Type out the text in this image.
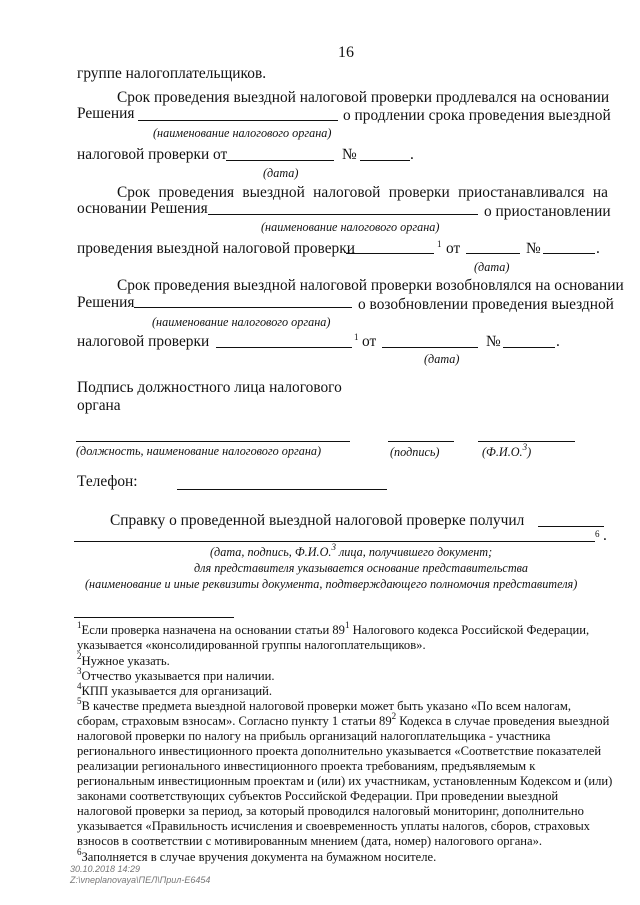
16
группе налогоплательщиков.
Срок проведения выездной налоговой проверки продлевался на основании
Решения	о продлении срока проведения выездной
(наименование налогового органа)
налоговой проверки от	№	.
(дата)
Срок проведения выездной налоговой проверки приостанавливался на
основании Решения	о приостановлении
(наименование налогового органа)
проведения выездной налоговой проверки	$^1$ от	№	.
(дата)
Срок проведения выездной налоговой проверки возобновлялся на основании
Решения	о возобновлении проведения выездной
(наименование налогового органа)
налоговой проверки	$^1$ от	№	.
(дата)
Подпись должностного лица налогового
органа
(должность, наименование налогового органа)	(подпись)	(Ф.И.О.$^3$)
Телефон:
Справку о проведенной выездной налоговой проверке получил
$^6$ .
(дата, подпись, Ф.И.О.$^3$ лица, получившего документ;
для представителя указывается основание представительства
(наименование и иные реквизиты документа, подтверждающего полномочия представителя)
$^1$Если проверка назначена на основании статьи $89^1$ Налогового кодекса Российской Федерации,
указывается «консолидированной группы налогоплательщиков».
$^2$Нужное указать.
$^3$Отчество указывается при наличии.
$^4$КПП указывается для организаций.
$^5$В качестве предмета выездной налоговой проверки может быть указано «По всем налогам,
сборам, страховым взносам». Согласно пункту 1 статьи $89^2$ Кодекса в случае проведения выездной
налоговой проверки по налогу на прибыль организаций налогоплательщика - участника
регионального инвестиционного проекта дополнительно указывается «Соответствие показателей
реализации регионального инвестиционного проекта требованиям, предъявляемым к
региональным инвестиционным проектам и (или) их участникам, установленным Кодексом и (или)
законами соответствующих субъектов Российской Федерации. При проведении выездной
налоговой проверки за период, за который проводился налоговый мониторинг, дополнительно
указывается «Правильность исчисления и своевременность уплаты налогов, сборов, страховых
взносов в соответствии с мотивированным мнением (дата, номер) налогового органа».
$^6$Заполняется в случае вручения документа на бумажном носителе.
30.10.2018 14:29
Z:\vneplanovaya\ПЕЛ\Прил-E6454
